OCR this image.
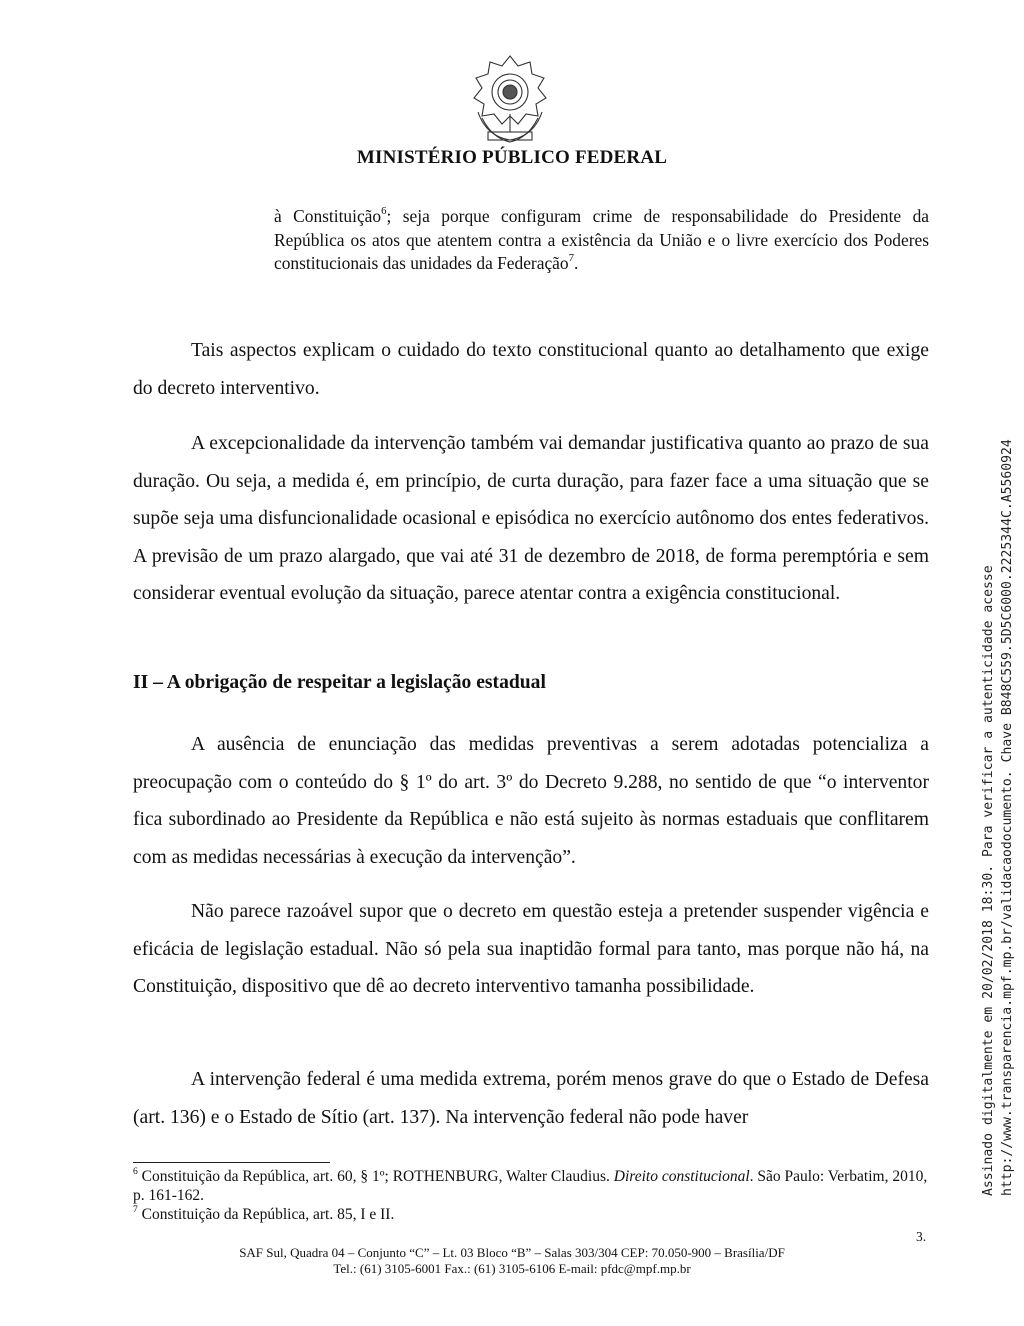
MINISTÉRIO PÚBLICO FEDERAL
à Constituição$^6$; seja porque configuram crime de responsabilidade do Presidente da República os atos que atentem contra a existência da União e o livre exercício dos Poderes constitucionais das unidades da Federação$^7$.

Tais aspectos explicam o cuidado do texto constitucional quanto ao detalhamento que exige do decreto interventivo.

A excepcionalidade da intervenção também vai demandar justificativa quanto ao prazo de sua duração. Ou seja, a medida é, em princípio, de curta duração, para fazer face a uma situação que se supõe seja uma disfuncionalidade ocasional e episódica no exercício autônomo dos entes federativos. A previsão de um prazo alargado, que vai até 31 de dezembro de 2018, de forma peremptória e sem considerar eventual evolução da situação, parece atentar contra a exigência constitucional.

II – A obrigação de respeitar a legislação estadual

A ausência de enunciação das medidas preventivas a serem adotadas potencializa a preocupação com o conteúdo do § 1º do art. 3º do Decreto 9.288, no sentido de que “o interventor fica subordinado ao Presidente da República e não está sujeito às normas estaduais que conflitarem com as medidas necessárias à execução da intervenção”.

Não parece razoável supor que o decreto em questão esteja a pretender suspender vigência e eficácia de legislação estadual. Não só pela sua inaptidão formal para tanto, mas porque não há, na Constituição, dispositivo que dê ao decreto interventivo tamanha possibilidade.

A intervenção federal é uma medida extrema, porém menos grave do que o Estado de Defesa (art. 136) e o Estado de Sítio (art. 137). Na intervenção federal não pode haver

$^6$ Constituição da República, art. 60, § 1º; ROTHENBURG, Walter Claudius. Direito constitucional. São Paulo: Verbatim, 2010, p. 161-162.

$^7$ Constituição da República, art. 85, I e II.

3.

SAF Sul, Quadra 04 – Conjunto “C” – Lt. 03 Bloco “B” – Salas 303/304 CEP: 70.050-900 – Brasília/DF

Tel.: (61) 3105-6001 Fax.: (61) 3105-6106 E-mail: pfdc@mpf.mp.br

Assinado digitalmente em 20/02/2018 18:30. Para verificar a autenticidade acesse http://www.transparencia.mpf.mp.br/validacaodocumento. Chave B848C559.5D5C6000.2225344C.A5560924
